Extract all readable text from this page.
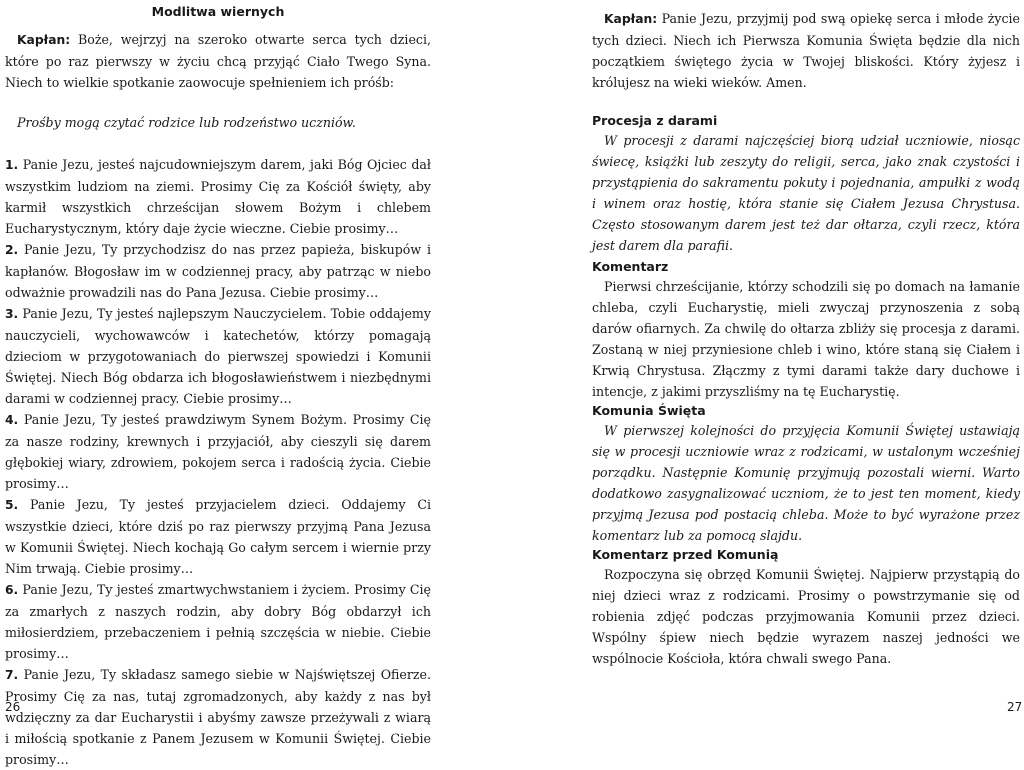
Modlitwa wiernych

Kapłan: Boże, wejrzyj na szeroko otwarte serca tych dzieci, które po raz pierwszy w życiu chcą przyjąć Ciało Twego Syna. Niech to wielkie spotkanie zaowocuje spełnieniem ich próśb:

Prośby mogą czytać rodzice lub rodzeństwo uczniów.

1. Panie Jezu, jesteś najcudowniejszym darem, jaki Bóg Ojciec dał wszystkim ludziom na ziemi. Prosimy Cię za Kościół święty, aby karmił wszystkich chrześcijan słowem Bożym i chlebem Eucharystycznym, który daje życie wieczne. Ciebie prosimy…

2. Panie Jezu, Ty przychodzisz do nas przez papieża, biskupów i kapłanów. Błogosław im w codziennej pracy, aby patrząc w niebo odważnie prowadzili nas do Pana Jezusa. Ciebie prosimy…

3. Panie Jezu, Ty jesteś najlepszym Nauczycielem. Tobie oddajemy nauczycieli, wychowawców i katechetów, którzy pomagają dzieciom w przygotowaniach do pierwszej spowiedzi i Komunii Świętej. Niech Bóg obdarza ich błogosławieństwem i niezbędnymi darami w codziennej pracy. Ciebie prosimy…

4. Panie Jezu, Ty jesteś prawdziwym Synem Bożym. Prosimy Cię za nasze rodziny, krewnych i przyjaciół, aby cieszyli się darem głębokiej wiary, zdrowiem, pokojem serca i radością życia. Ciebie prosimy…

5. Panie Jezu, Ty jesteś przyjacielem dzieci. Oddajemy Ci wszystkie dzieci, które dziś po raz pierwszy przyjmą Pana Jezusa w Komunii Świętej. Niech kochają Go całym sercem i wiernie przy Nim trwają. Ciebie prosimy…

6. Panie Jezu, Ty jesteś zmartwychwstaniem i życiem. Prosimy Cię za zmarłych z naszych rodzin, aby dobry Bóg obdarzył ich miłosierdziem, przebaczeniem i pełnią szczęścia w niebie. Ciebie prosimy…

7. Panie Jezu, Ty składasz samego siebie w Najświętszej Ofierze. Prosimy Cię za nas, tutaj zgromadzonych, aby każdy z nas był wdzięczny za dar Eucharystii i abyśmy zawsze przeżywali z wiarą i miłością spotkanie z Panem Jezusem w Komunii Świętej. Ciebie prosimy…

26

Kapłan: Panie Jezu, przyjmij pod swą opiekę serca i młode życie tych dzieci. Niech ich Pierwsza Komunia Święta będzie dla nich początkiem świętego życia w Twojej bliskości. Który żyjesz i królujesz na wieki wieków. Amen.

Procesja z darami

W procesji z darami najczęściej biorą udział uczniowie, niosąc świecę, książki lub zeszyty do religii, serca, jako znak czystości i przystąpienia do sakramentu pokuty i pojednania, ampułki z wodą i winem oraz hostię, która stanie się Ciałem Jezusa Chrystusa. Często stosowanym darem jest też dar ołtarza, czyli rzecz, która jest darem dla parafii.

Komentarz

Pierwsi chrześcijanie, którzy schodzili się po domach na łamanie chleba, czyli Eucharystię, mieli zwyczaj przynoszenia z sobą darów ofiarnych. Za chwilę do ołtarza zbliży się procesja z darami. Zostaną w niej przyniesione chleb i wino, które staną się Ciałem i Krwią Chrystusa. Złączmy z tymi darami także dary duchowe i intencje, z jakimi przyszliśmy na tę Eucharystię.

Komunia Święta

W pierwszej kolejności do przyjęcia Komunii Świętej ustawiają się w procesji uczniowie wraz z rodzicami, w ustalonym wcześniej porządku. Następnie Komunię przyjmują pozostali wierni. Warto dodatkowo zasygnalizować uczniom, że to jest ten moment, kiedy przyjmą Jezusa pod postacią chleba. Może to być wyrażone przez komentarz lub za pomocą slajdu.

Komentarz przed Komunią

Rozpoczyna się obrzęd Komunii Świętej. Najpierw przystąpią do niej dzieci wraz z rodzicami. Prosimy o powstrzymanie się od robienia zdjęć podczas przyjmowania Komunii przez dzieci. Wspólny śpiew niech będzie wyrazem naszej jedności we wspólnocie Kościoła, która chwali swego Pana.

27
